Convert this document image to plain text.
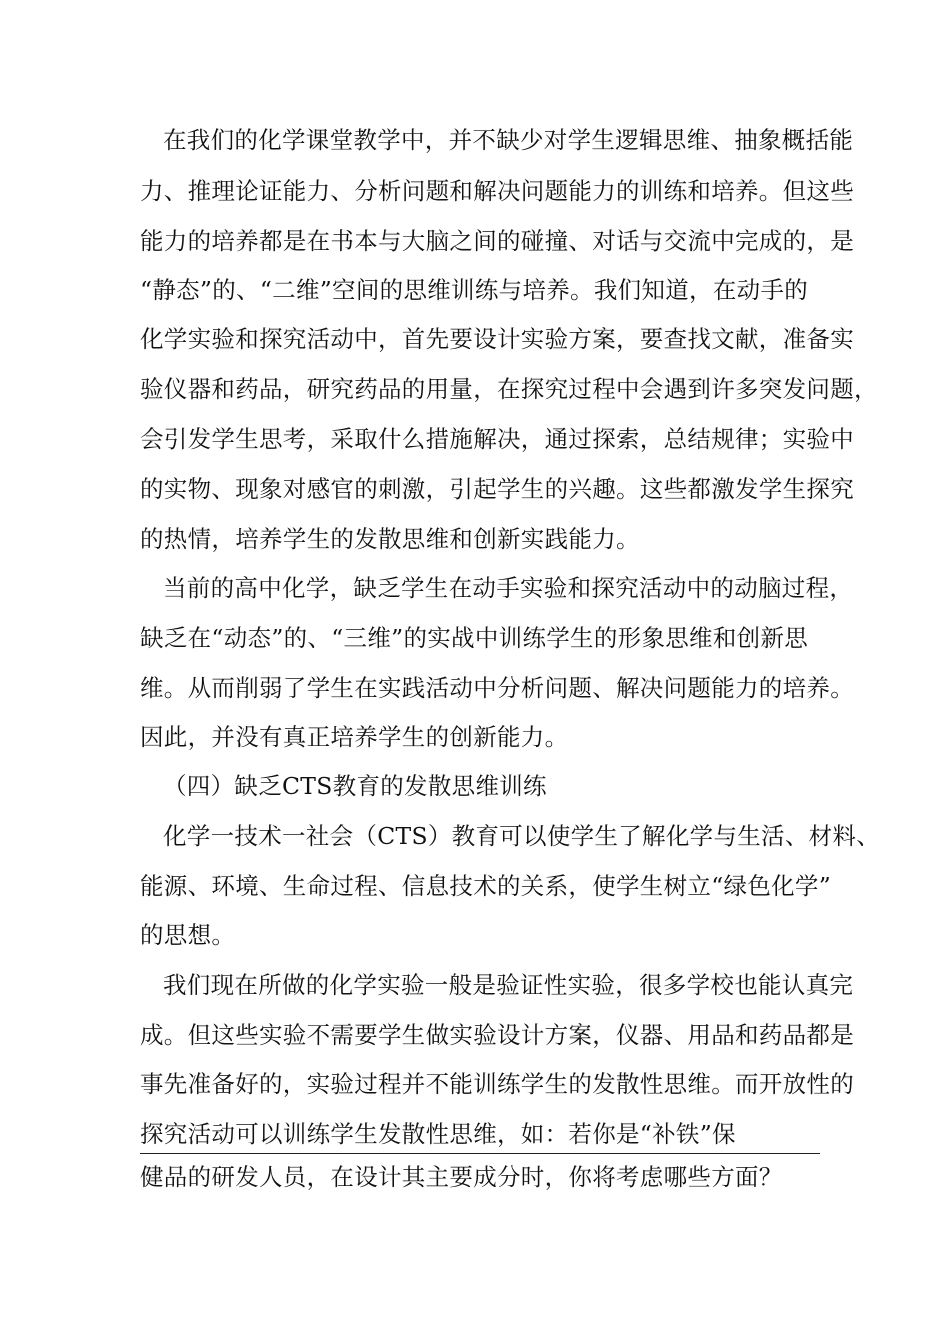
在我们的化学课堂教学中，并不缺少对学生逻辑思维、抽象概括能
力、推理论证能力、分析问题和解决问题能力的训练和培养。但这些
能力的培养都是在书本与大脑之间的碰撞、对话与交流中完成的，是
“静态”的、“二维”空间的思维训练与培养。我们知道，在动手的
化学实验和探究活动中，首先要设计实验方案，要查找文献，准备实
验仪器和药品，研究药品的用量，在探究过程中会遇到许多突发问题，
会引发学生思考，采取什么措施解决，通过探索，总结规律；实验中
的实物、现象对感官的刺激，引起学生的兴趣。这些都激发学生探究
的热情，培养学生的发散思维和创新实践能力。
当前的高中化学，缺乏学生在动手实验和探究活动中的动脑过程，
缺乏在“动态”的、“三维”的实战中训练学生的形象思维和创新思
维。从而削弱了学生在实践活动中分析问题、解决问题能力的培养。
因此，并没有真正培养学生的创新能力。
（四）缺乏CTS教育的发散思维训练
化学一技术一社会（CTS）教育可以使学生了解化学与生活、材料、
能源、环境、生命过程、信息技术的关系，使学生树立“绿色化学”
的思想。
我们现在所做的化学实验一般是验证性实验，很多学校也能认真完
成。但这些实验不需要学生做实验设计方案，仪器、用品和药品都是
事先准备好的，实验过程并不能训练学生的发散性思维。而开放性的
探究活动可以训练学生发散性思维，如：若你是“补铁”保
健品的研发人员，在设计其主要成分时，你将考虑哪些方面？
